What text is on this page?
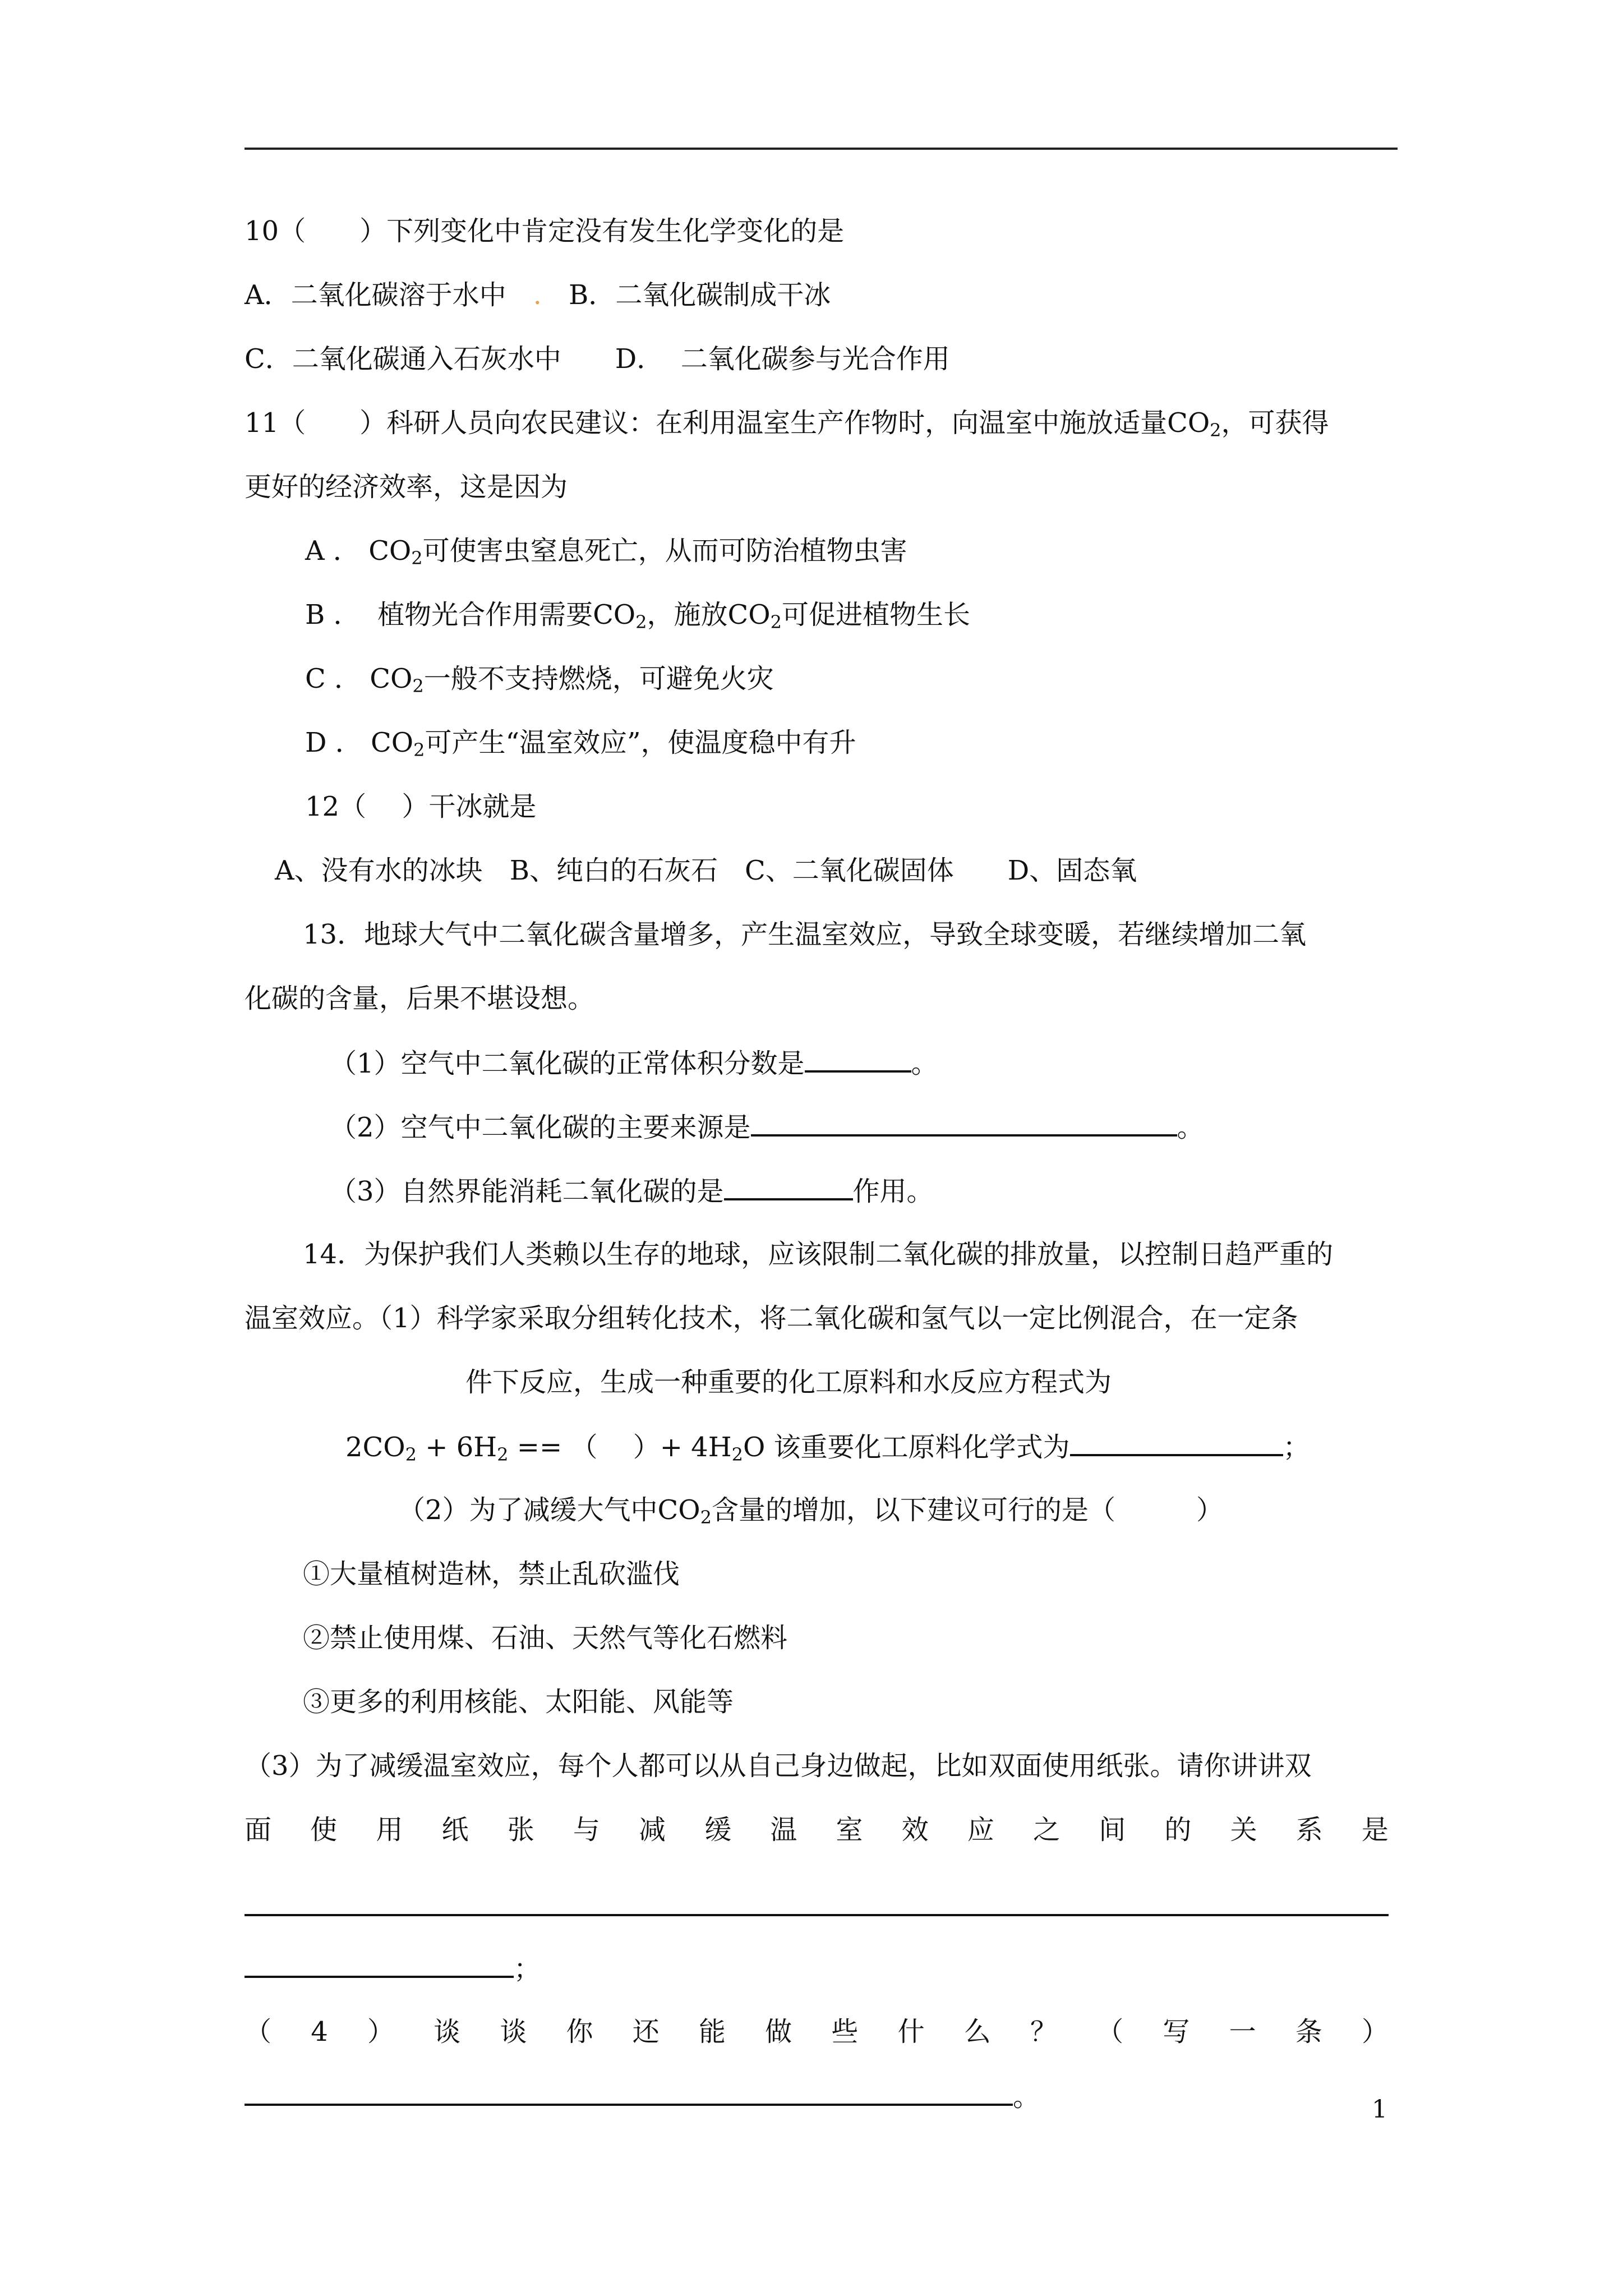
10（　　）下列变化中肯定没有发生化学变化的是
A．二氧化碳溶于水中　.　B．二氧化碳制成干冰
C．二氧化碳通入石灰水中　　 D．  二氧化碳参与光合作用
11（　　）科研人员向农民建议：在利用温室生产作物时，向温室中施放适量$CO_2$，可获得
更好的经济效率，这是因为
A ． $CO_2$可使害虫窒息死亡，从而可防治植物虫害
B ． 植物光合作用需要$CO_2$，施放$CO_2$可促进植物生长
C ． $CO_2$一般不支持燃烧，可避免火灾
D ． $CO_2$可产生“温室效应”，使温度稳中有升
12（　 ）干冰就是
A、没有水的冰块　 B、纯白的石灰石　 C、二氧化碳固体　　 D、固态氧
13．地球大气中二氧化碳含量增多，产生温室效应，导致全球变暖，若继续增加二氧
化碳的含量，后果不堪设想。
（1）空气中二氧化碳的正常体积分数是	。
（2）空气中二氧化碳的主要来源是	。
（3）自然界能消耗二氧化碳的是	作用。
14．为保护我们人类赖以生存的地球，应该限制二氧化碳的排放量，以控制日趋严重的
温室效应。（1）科学家采取分组转化技术，将二氧化碳和氢气以一定比例混合，在一定条
件下反应，生成一种重要的化工原料和水反应方程式为
$2CO_2 + 6H_2$ == （　 ）+ $4H_2O$ 该重要化工原料化学式为	；
（2）为了减缓大气中$CO_2$含量的增加，以下建议可行的是（　　　）
①大量植树造林，禁止乱砍滥伐
②禁止使用煤、石油、天然气等化石燃料
③更多的利用核能、太阳能、风能等
（3）为了减缓温室效应，每个人都可以从自己身边做起，比如双面使用纸张。请你讲讲双
面 使 用 纸 张 与 减 缓 温 室 效 应 之 间 的 关 系 是
；
（ 4 ） 谈 谈 你 还 能 做 些 什 么 ？ （ 写 一 条 ）
。	1
